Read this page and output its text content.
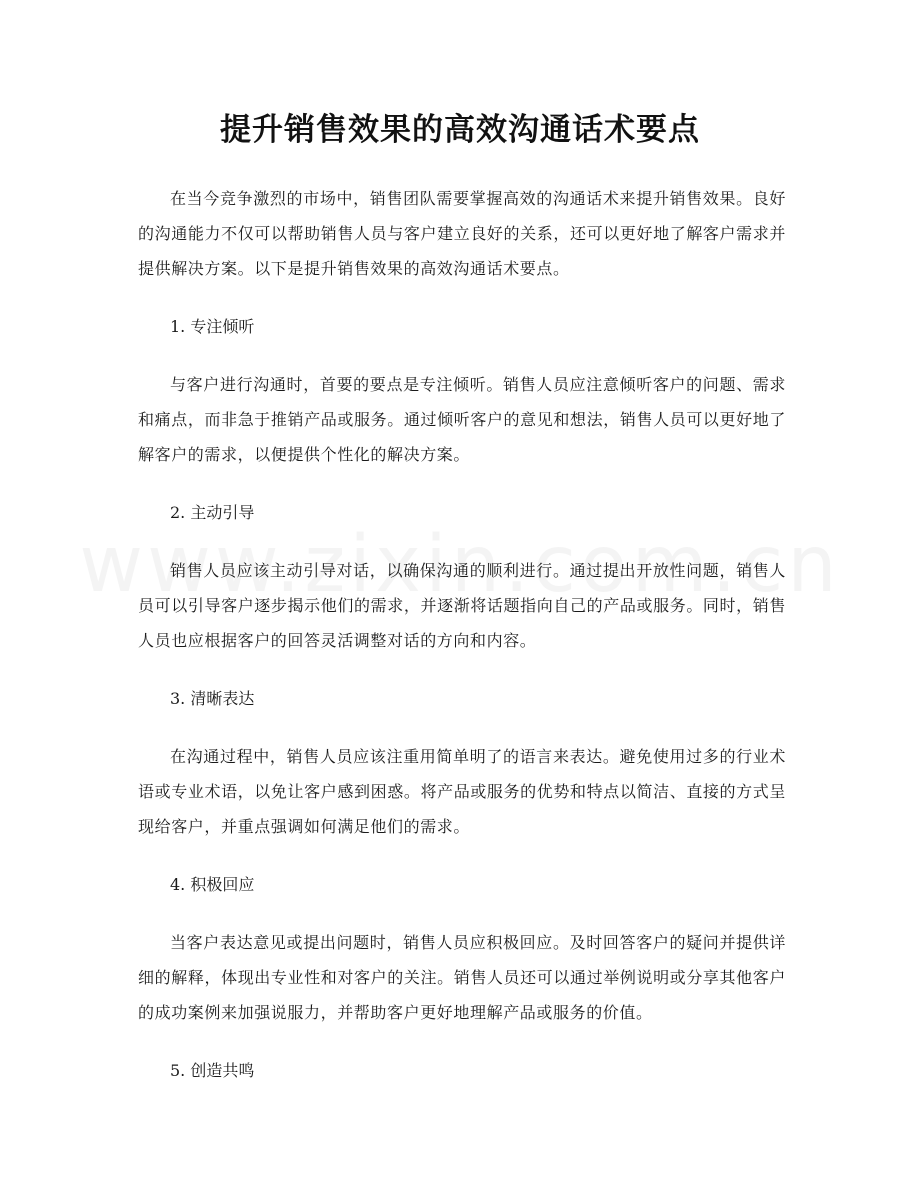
提升销售效果的高效沟通话术要点

在当今竞争激烈的市场中，销售团队需要掌握高效的沟通话术来提升销售效果。良好的沟通能力不仅可以帮助销售人员与客户建立良好的关系，还可以更好地了解客户需求并提供解决方案。以下是提升销售效果的高效沟通话术要点。

1. 专注倾听

与客户进行沟通时，首要的要点是专注倾听。销售人员应注意倾听客户的问题、需求和痛点，而非急于推销产品或服务。通过倾听客户的意见和想法，销售人员可以更好地了解客户的需求，以便提供个性化的解决方案。

2. 主动引导

销售人员应该主动引导对话，以确保沟通的顺利进行。通过提出开放性问题，销售人员可以引导客户逐步揭示他们的需求，并逐渐将话题指向自己的产品或服务。同时，销售人员也应根据客户的回答灵活调整对话的方向和内容。

3. 清晰表达

在沟通过程中，销售人员应该注重用简单明了的语言来表达。避免使用过多的行业术语或专业术语，以免让客户感到困惑。将产品或服务的优势和特点以简洁、直接的方式呈现给客户，并重点强调如何满足他们的需求。

4. 积极回应

当客户表达意见或提出问题时，销售人员应积极回应。及时回答客户的疑问并提供详细的解释，体现出专业性和对客户的关注。销售人员还可以通过举例说明或分享其他客户的成功案例来加强说服力，并帮助客户更好地理解产品或服务的价值。

5. 创造共鸣
